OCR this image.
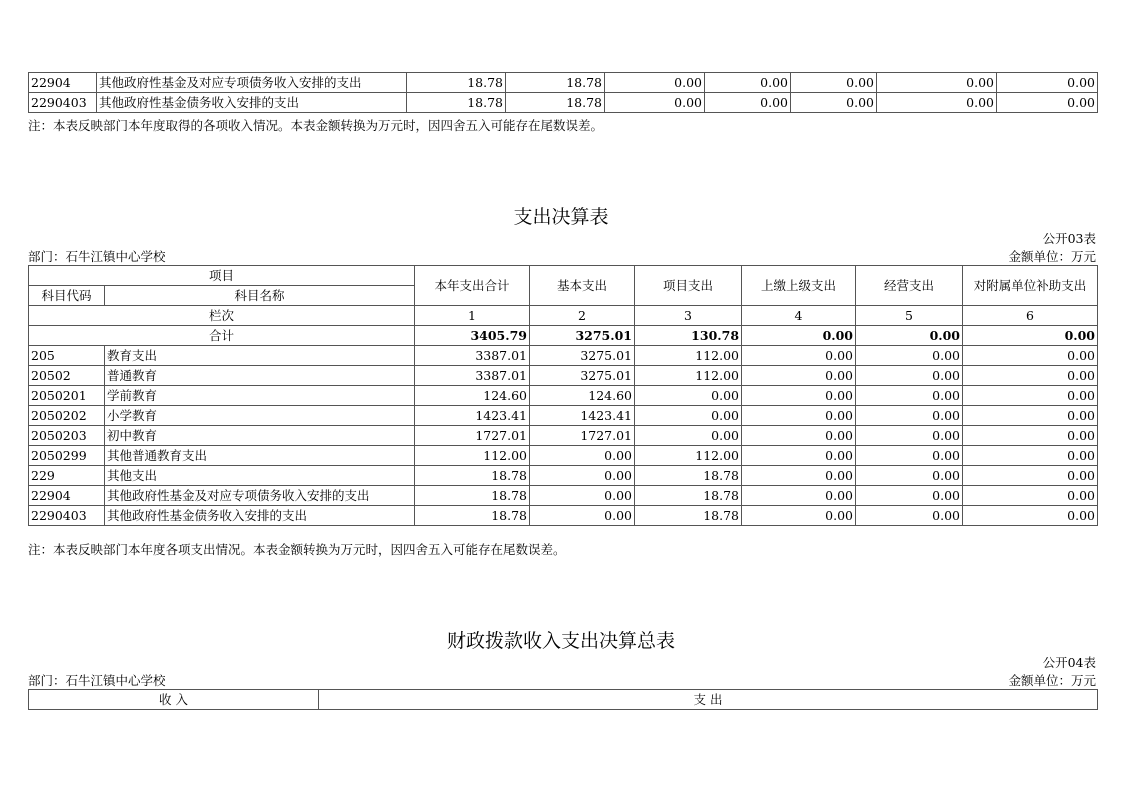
22904	其他政府性基金及对应专项债务收入安排的支出	18.78	18.78	0.00	0.00	0.00	0.00	0.00
2290403	其他政府性基金债务收入安排的支出	18.78	18.78	0.00	0.00	0.00	0.00	0.00
注：本表反映部门本年度取得的各项收入情况。本表金额转换为万元时，因四舍五入可能存在尾数误差。
支出决算表
公开03表
部门：石牛江镇中心学校	金额单位：万元
项目		本年支出合计	基本支出	项目支出	上缴上级支出	经营支出	对附属单位补助支出
科目代码	科目名称						
栏次		1	2	3	4	5	6
合计		3405.79	3275.01	130.78	0.00	0.00	0.00
205	教育支出	3387.01	3275.01	112.00	0.00	0.00	0.00
20502	普通教育	3387.01	3275.01	112.00	0.00	0.00	0.00
2050201	学前教育	124.60	124.60	0.00	0.00	0.00	0.00
2050202	小学教育	1423.41	1423.41	0.00	0.00	0.00	0.00
2050203	初中教育	1727.01	1727.01	0.00	0.00	0.00	0.00
2050299	其他普通教育支出	112.00	0.00	112.00	0.00	0.00	0.00
229	其他支出	18.78	0.00	18.78	0.00	0.00	0.00
22904	其他政府性基金及对应专项债务收入安排的支出	18.78	0.00	18.78	0.00	0.00	0.00
2290403	其他政府性基金债务收入安排的支出	18.78	0.00	18.78	0.00	0.00	0.00
注：本表反映部门本年度各项支出情况。本表金额转换为万元时，因四舍五入可能存在尾数误差。
财政拨款收入支出决算总表
公开04表
部门：石牛江镇中心学校	金额单位：万元
收 入	支 出
